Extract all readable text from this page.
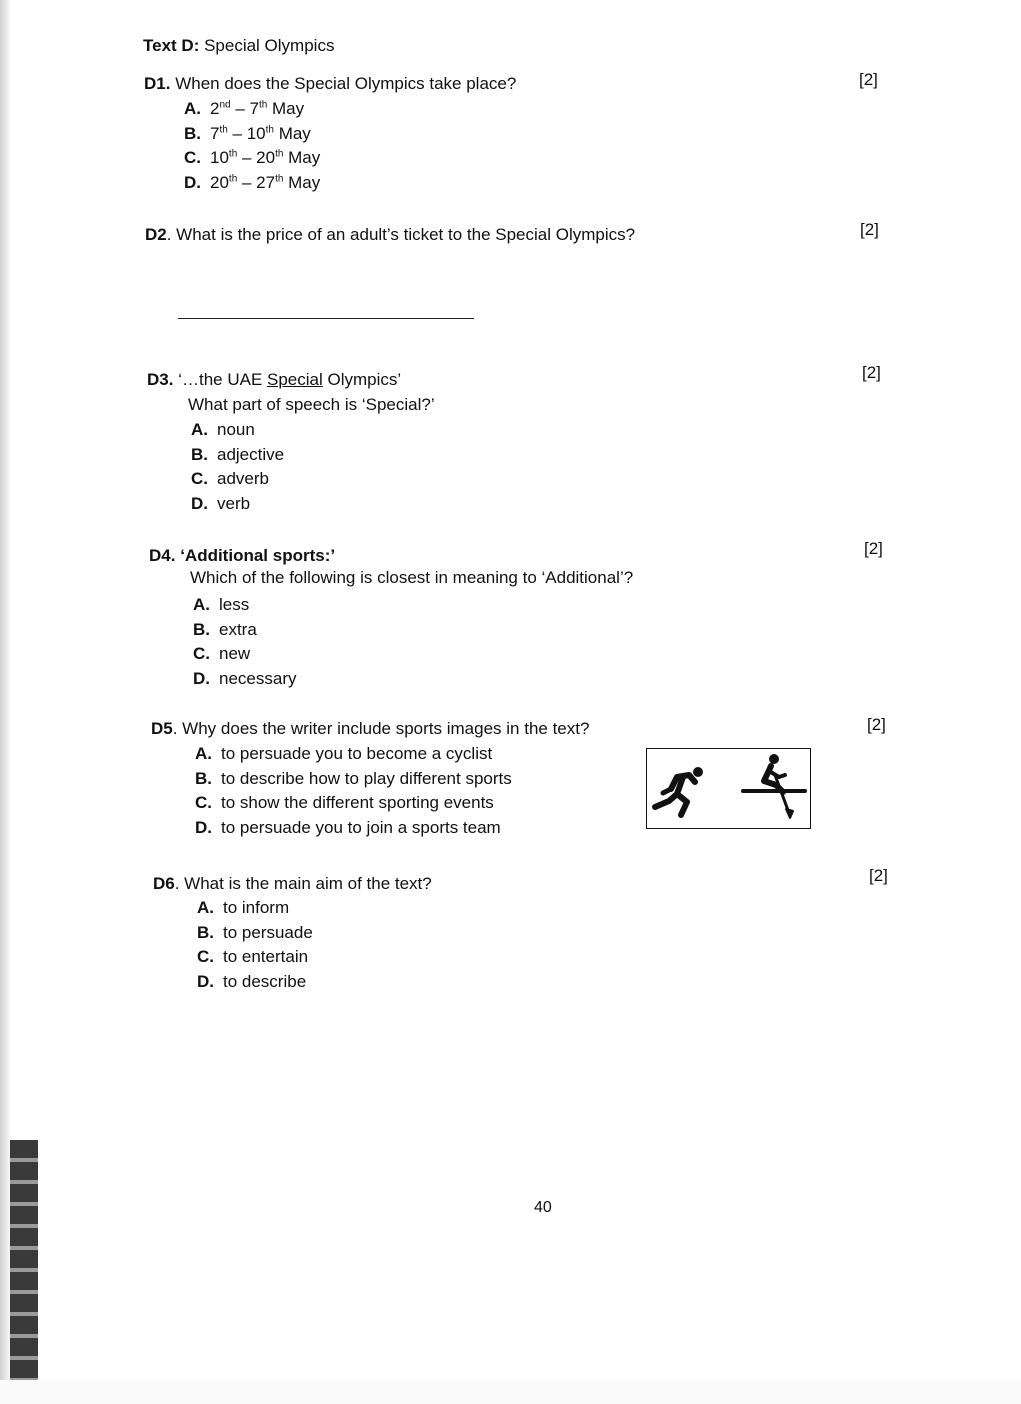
Text D: Special Olympics
D1. When does the Special Olympics take place?	[2]
A. 2nd – 7th May
B. 7th – 10th May
C. 10th – 20th May
D. 20th – 27th May
D2. What is the price of an adult’s ticket to the Special Olympics?	[2]
D3. ‘…the UAE Special Olympics’
What part of speech is ‘Special?’
[2]
A. noun
B. adjective
C. adverb
D. verb
D4. ‘Additional sports:’
Which of the following is closest in meaning to ‘Additional’?
[2]
A. less
B. extra
C. new
D. necessary
D5. Why does the writer include sports images in the text?	[2]
A. to persuade you to become a cyclist
B. to describe how to play different sports
C. to show the different sporting events
D. to persuade you to join a sports team
D6. What is the main aim of the text?	[2]
A. to inform
B. to persuade
C. to entertain
D. to describe
40
